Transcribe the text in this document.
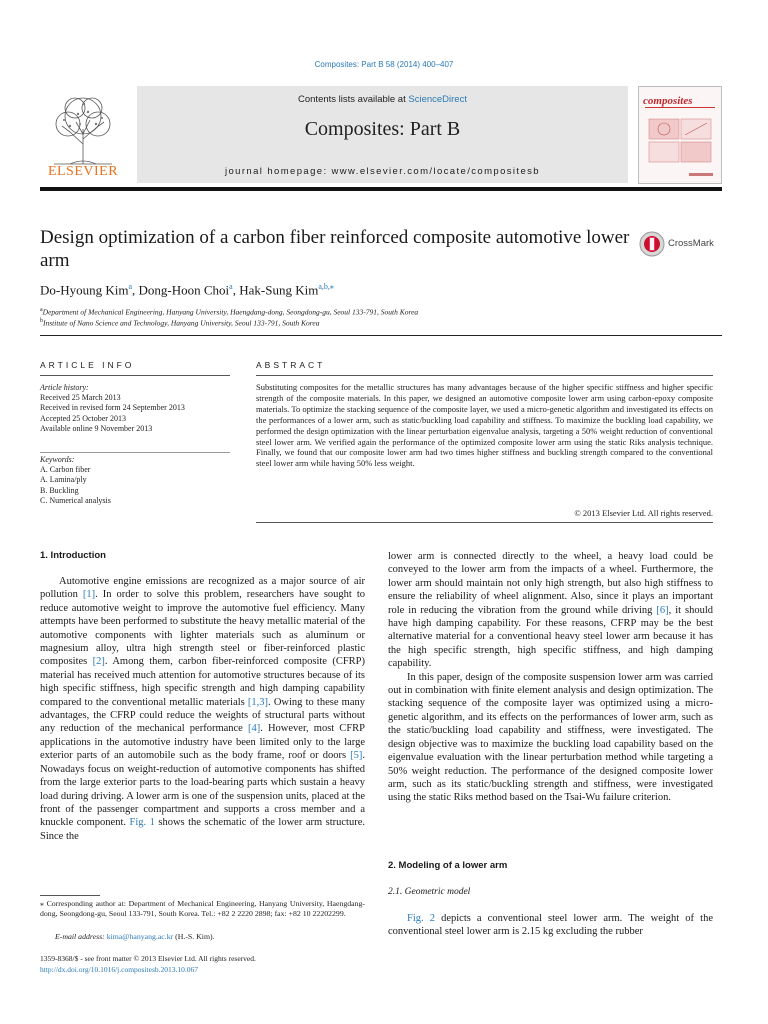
Composites: Part B 58 (2014) 400–407
ELSEVIER
Contents lists available at ScienceDirect
Composites: Part B
journal homepage: www.elsevier.com/locate/compositesb
composites
Design optimization of a carbon fiber reinforced composite automotive lower arm
CrossMark
Do-Hyoung Kim$^a$, Dong-Hoon Choi$^a$, Hak-Sung Kim$^{a,b,⁎}$
$^a$Department of Mechanical Engineering, Hanyang University, Haengdang-dong, Seongdong-gu, Seoul 133-791, South Korea
$^b$Institute of Nano Science and Technology, Hanyang University, Seoul 133-791, South Korea
ARTICLE INFO
Article history:
Received 25 March 2013
Received in revised form 24 September 2013
Accepted 25 October 2013
Available online 9 November 2013
Keywords:
A. Carbon fiber
A. Lamina/ply
B. Buckling
C. Numerical analysis
ABSTRACT
Substituting composites for the metallic structures has many advantages because of the higher specific stiffness and higher specific strength of the composite materials. In this paper, we designed an automotive composite lower arm using carbon-epoxy composite materials. To optimize the stacking sequence of the composite layer, we used a micro-genetic algorithm and investigated its effects on the performances of a lower arm, such as static/buckling load capability and stiffness. To maximize the buckling load capability, we performed the design optimization with the linear perturbation eigenvalue analysis, targeting a 50% weight reduction of conventional steel lower arm. We verified again the performance of the optimized composite lower arm using the static Riks analysis technique. Finally, we found that our composite lower arm had two times higher stiffness and buckling strength compared to the conventional steel lower arm while having 50% less weight.
© 2013 Elsevier Ltd. All rights reserved.
1. Introduction

Automotive engine emissions are recognized as a major source of air pollution [1]. In order to solve this problem, researchers have sought to reduce automotive weight to improve the automotive fuel efficiency. Many attempts have been performed to substitute the heavy metallic material of the automotive components with lighter materials such as aluminum or magnesium alloy, ultra high strength steel or fiber-reinforced plastic composites [2]. Among them, carbon fiber-reinforced composite (CFRP) material has received much attention for automotive structures because of its high specific stiffness, high specific strength and high damping capability compared to the conventional metallic materials [1,3]. Owing to these many advantages, the CFRP could reduce the weights of structural parts without any reduction of the mechanical performance [4]. However, most CFRP applications in the automotive industry have been limited only to the large exterior parts of an automobile such as the body frame, roof or doors [5]. Nowadays focus on weight-reduction of automotive components has shifted from the large exterior parts to the load-bearing parts which sustain a heavy load during driving. A lower arm is one of the suspension units, placed at the front of the passenger compartment and supports a cross member and a knuckle component. Fig. 1 shows the schematic of the lower arm structure. Since the

lower arm is connected directly to the wheel, a heavy load could be conveyed to the lower arm from the impacts of a wheel. Furthermore, the lower arm should maintain not only high strength, but also high stiffness to ensure the reliability of wheel alignment. Also, since it plays an important role in reducing the vibration from the ground while driving [6], it should have high damping capability. For these reasons, CFRP may be the best alternative material for a conventional heavy steel lower arm because it has the high specific strength, high specific stiffness, and high damping capability.

In this paper, design of the composite suspension lower arm was carried out in combination with finite element analysis and design optimization. The stacking sequence of the composite layer was optimized using a micro-genetic algorithm, and its effects on the performances of lower arm, such as the static/buckling load capability and stiffness, were investigated. The design objective was to maximize the buckling load capability based on the eigenvalue evaluation with the linear perturbation method while targeting a 50% weight reduction. The performance of the designed composite lower arm, such as its static/buckling strength and stiffness, were investigated using the static Riks method based on the Tsai-Wu failure criterion.

2. Modeling of a lower arm
2.1. Geometric model

Fig. 2 depicts a conventional steel lower arm. The weight of the conventional steel lower arm is 2.15 kg excluding the rubber

⁎ Corresponding author at: Department of Mechanical Engineering, Hanyang University, Haengdang-dong, Seongdong-gu, Seoul 133-791, South Korea. Tel.: +82 2 2220 2898; fax: +82 10 22202299.
E-mail address: kima@hanyang.ac.kr (H.-S. Kim).
1359-8368/$ - see front matter © 2013 Elsevier Ltd. All rights reserved.
http://dx.doi.org/10.1016/j.compositesb.2013.10.067
